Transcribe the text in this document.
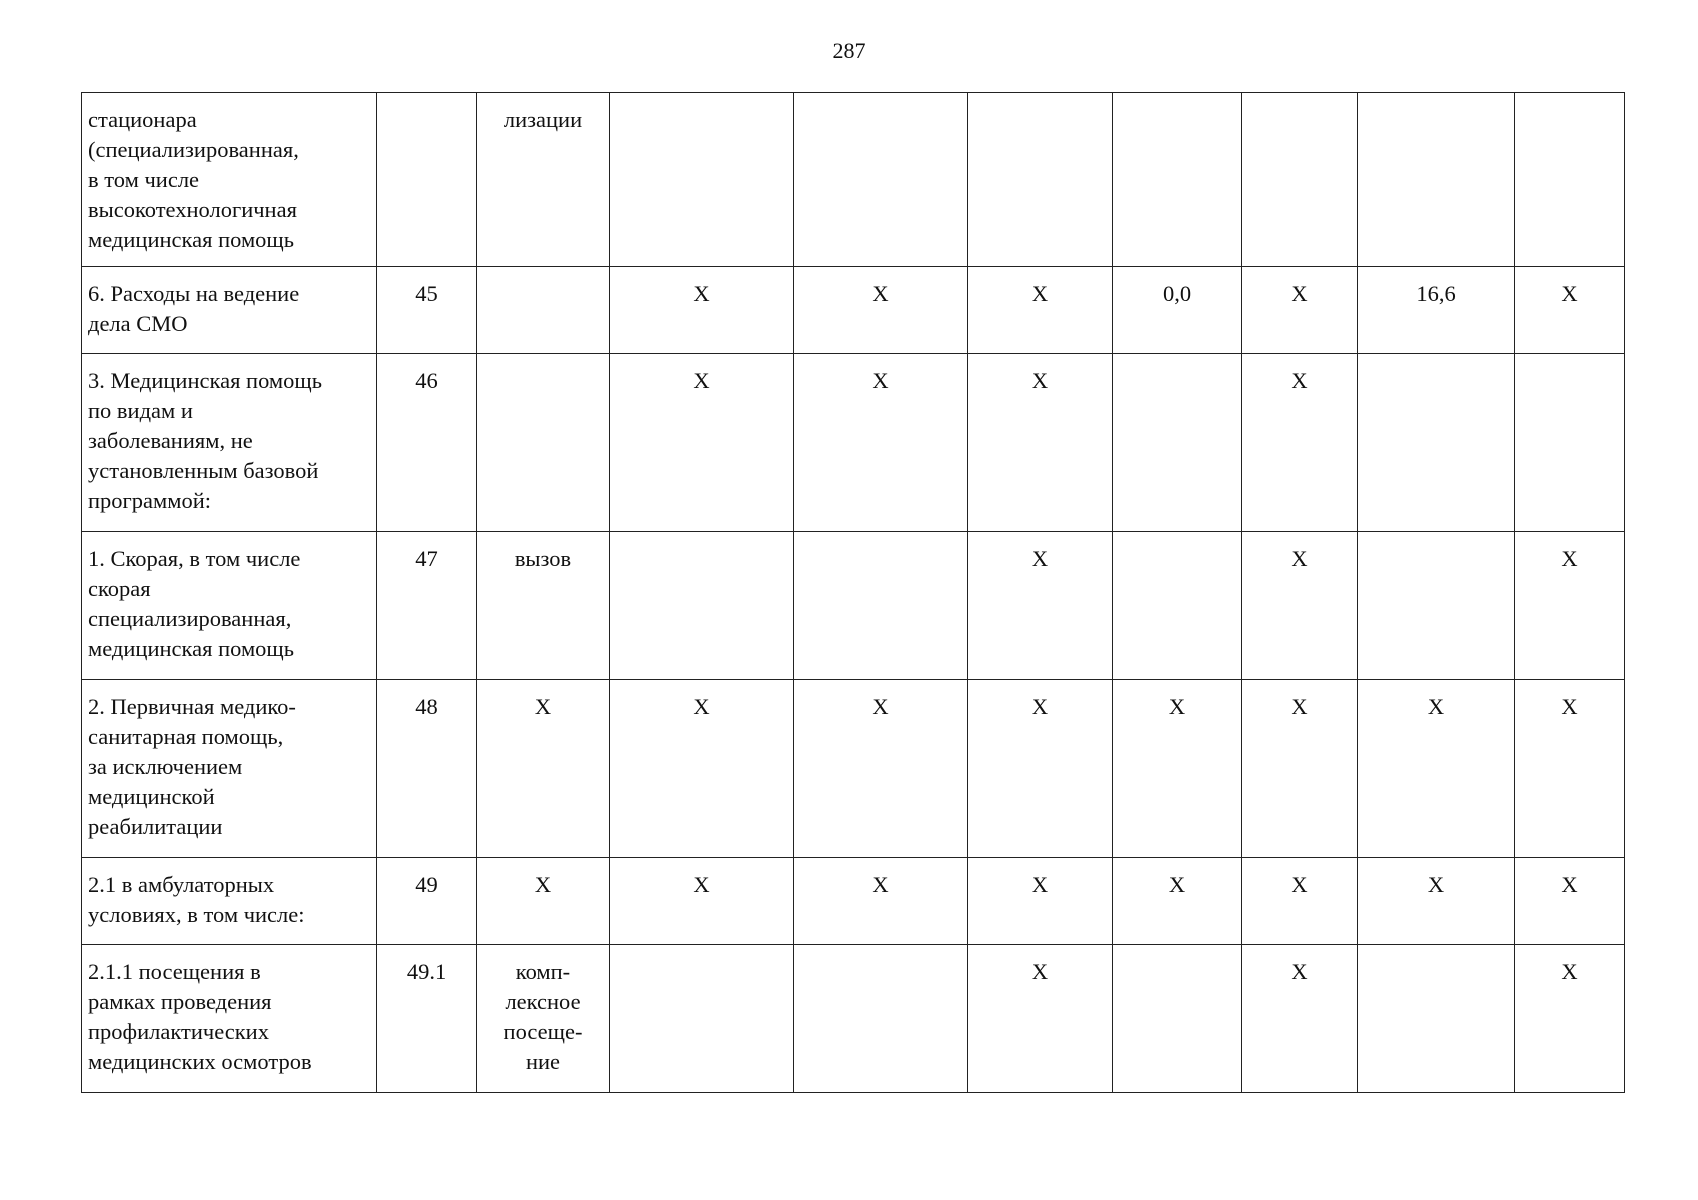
287
стационара
(специализированная,
в том числе
высокотехнологичная
медицинская помощь		лизации							

6. Расходы на ведение
дела СМО	45		X	X	X	0,0	X	16,6	X

3. Медицинская помощь
по видам и
заболеваниям, не
установленным базовой
программой:	46		X	X	X		X		

1. Скорая, в том числе
скорая
специализированная,
медицинская помощь	47	вызов			X		X		X

2. Первичная медико-
санитарная помощь,
за исключением
медицинской
реабилитации	48	X	X	X	X	X	X	X	X

2.1 в амбулаторных
условиях, в том числе:	49	X	X	X	X	X	X	X	X

2.1.1 посещения в
рамках проведения
профилактических
медицинских осмотров	49.1	комп-
лексное
посеще-
ние			X		X		X
